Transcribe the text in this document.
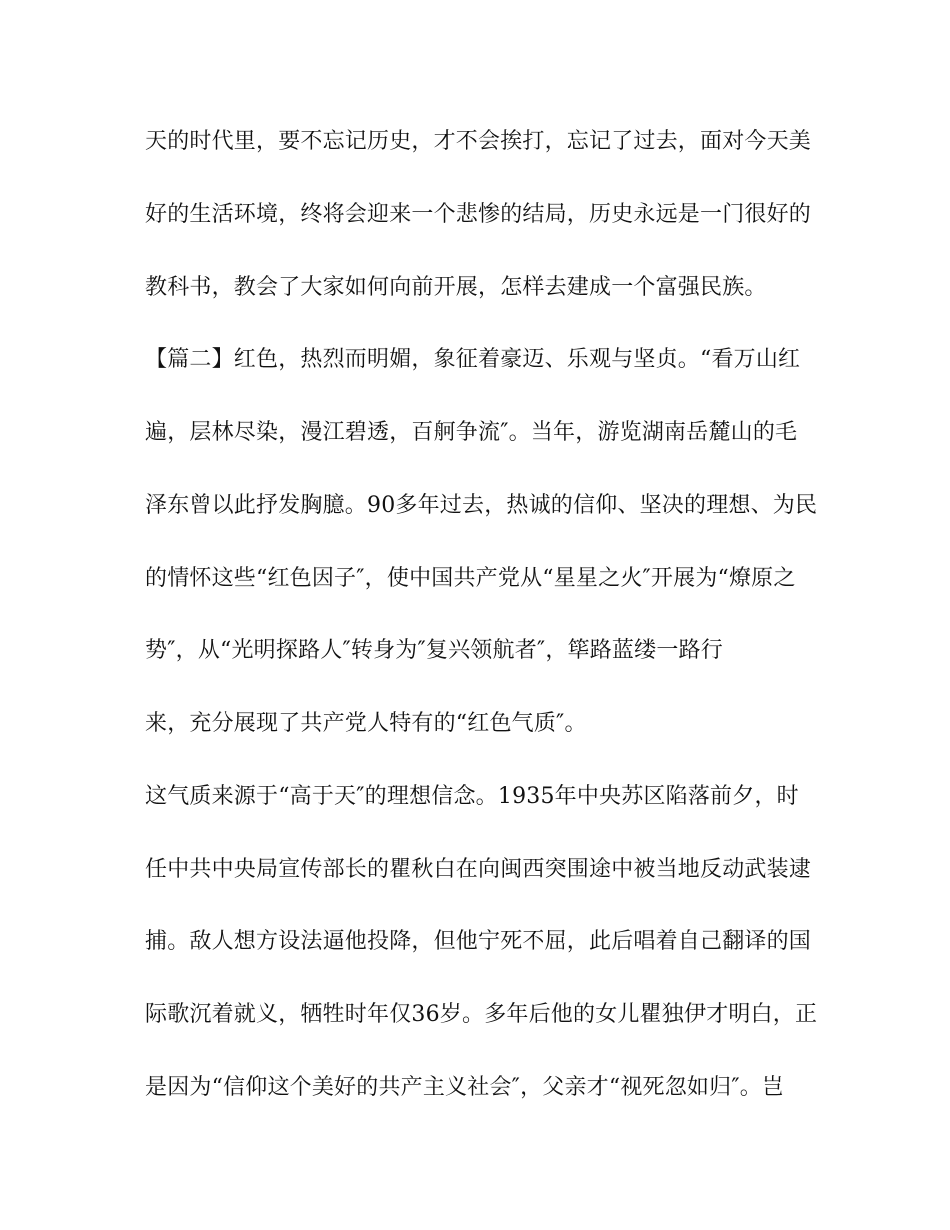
天的时代里，要不忘记历史，才不会挨打，忘记了过去，面对今天美

好的生活环境，终将会迎来一个悲惨的结局，历史永远是一门很好的

教科书，教会了大家如何向前开展，怎样去建成一个富强民族。

【篇二】红色，热烈而明媚，象征着豪迈、乐观与坚贞。“看万山红

遍，层林尽染，漫江碧透，百舸争流″。当年，游览湖南岳麓山的毛

泽东曾以此抒发胸臆。90多年过去，热诚的信仰、坚决的理想、为民

的情怀这些“红色因子″，使中国共产党从“星星之火″开展为“燎原之

势″，从“光明探路人″转身为″复兴领航者″，筚路蓝缕一路行

来，充分展现了共产党人特有的“红色气质″。

这气质来源于“高于天″的理想信念。1935年中央苏区陷落前夕，时

任中共中央局宣传部长的瞿秋白在向闽西突围途中被当地反动武装逮

捕。敌人想方设法逼他投降，但他宁死不屈，此后唱着自己翻译的国

际歌沉着就义，牺牲时年仅36岁。多年后他的女儿瞿独伊才明白，正

是因为“信仰这个美好的共产主义社会″，父亲才“视死忽如归″。岂
